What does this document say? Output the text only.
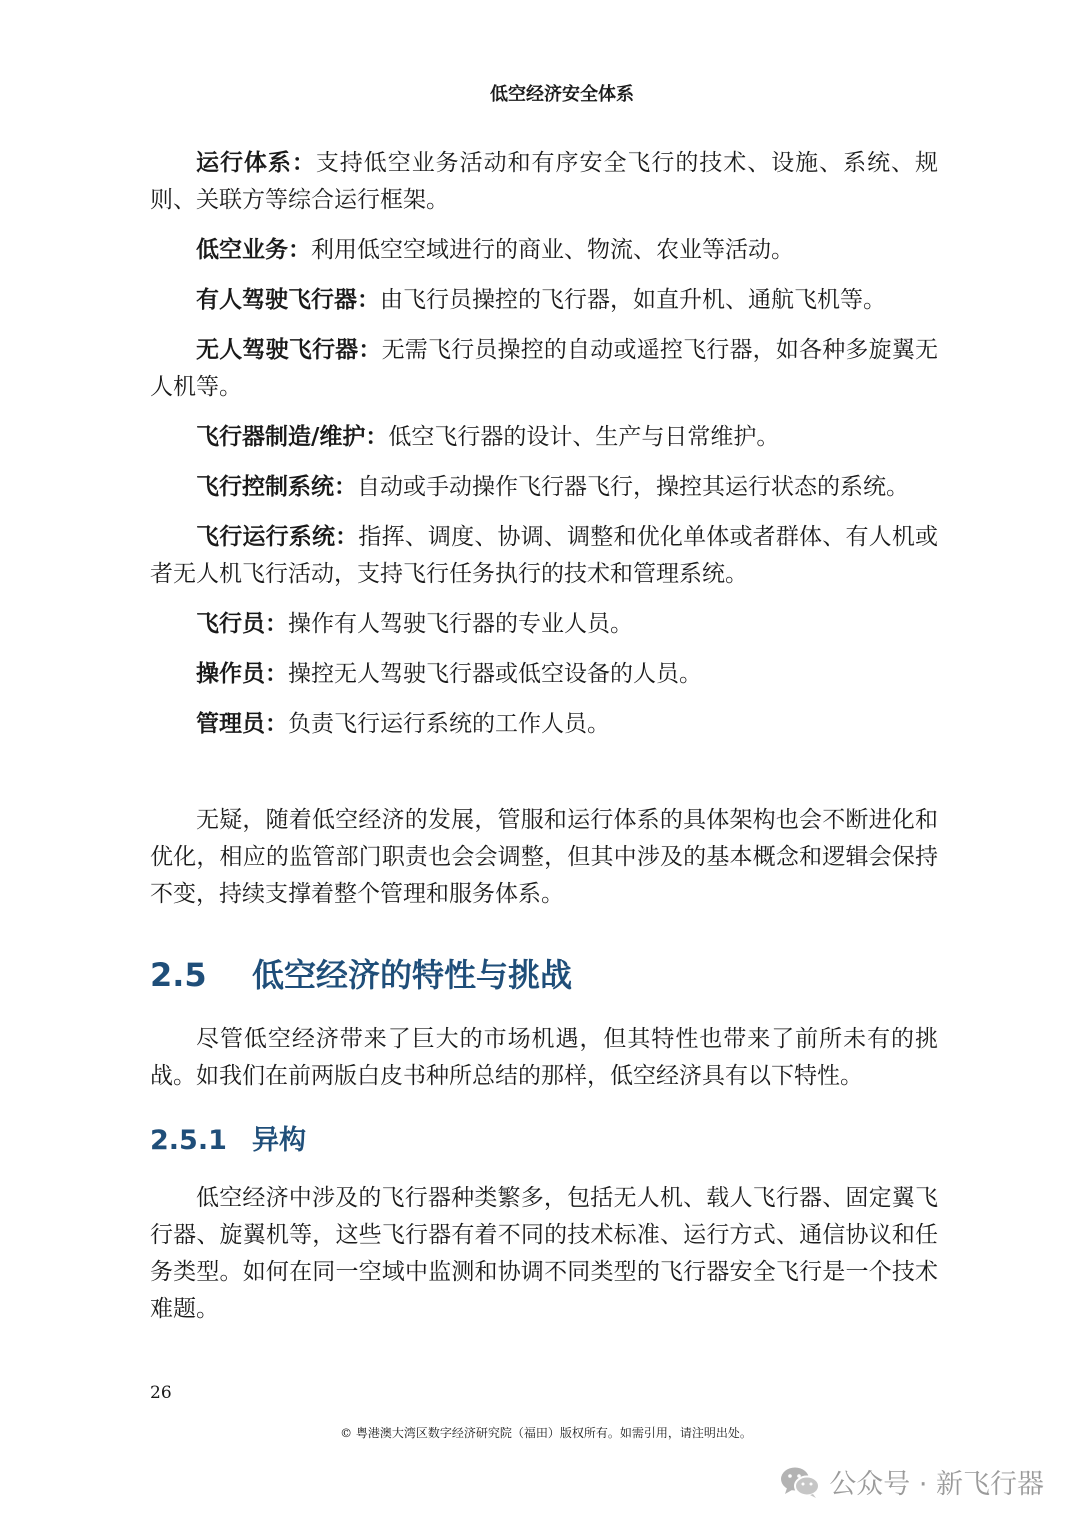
低空经济安全体系

运行体系：支持低空业务活动和有序安全飞行的技术、设施、系统、规则、关联方等综合运行框架。

低空业务：利用低空空域进行的商业、物流、农业等活动。

有人驾驶飞行器：由飞行员操控的飞行器，如直升机、通航飞机等。

无人驾驶飞行器：无需飞行员操控的自动或遥控飞行器，如各种多旋翼无人机等。

飞行器制造/维护：低空飞行器的设计、生产与日常维护。

飞行控制系统：自动或手动操作飞行器飞行，操控其运行状态的系统。

飞行运行系统：指挥、调度、协调、调整和优化单体或者群体、有人机或者无人机飞行活动，支持飞行任务执行的技术和管理系统。

飞行员：操作有人驾驶飞行器的专业人员。

操作员：操控无人驾驶飞行器或低空设备的人员。

管理员：负责飞行运行系统的工作人员。

无疑，随着低空经济的发展，管服和运行体系的具体架构也会不断进化和优化，相应的监管部门职责也会会调整，但其中涉及的基本概念和逻辑会保持不变，持续支撑着整个管理和服务体系。

2.5 低空经济的特性与挑战

尽管低空经济带来了巨大的市场机遇，但其特性也带来了前所未有的挑战。如我们在前两版白皮书种所总结的那样，低空经济具有以下特性。

2.5.1 异构

低空经济中涉及的飞行器种类繁多，包括无人机、载人飞行器、固定翼飞行器、旋翼机等，这些飞行器有着不同的技术标准、运行方式、通信协议和任务类型。如何在同一空域中监测和协调不同类型的飞行器安全飞行是一个技术难题。

26
© 粤港澳大湾区数字经济研究院（福田）版权所有。如需引用，请注明出处。
公众号 · 新飞行器
